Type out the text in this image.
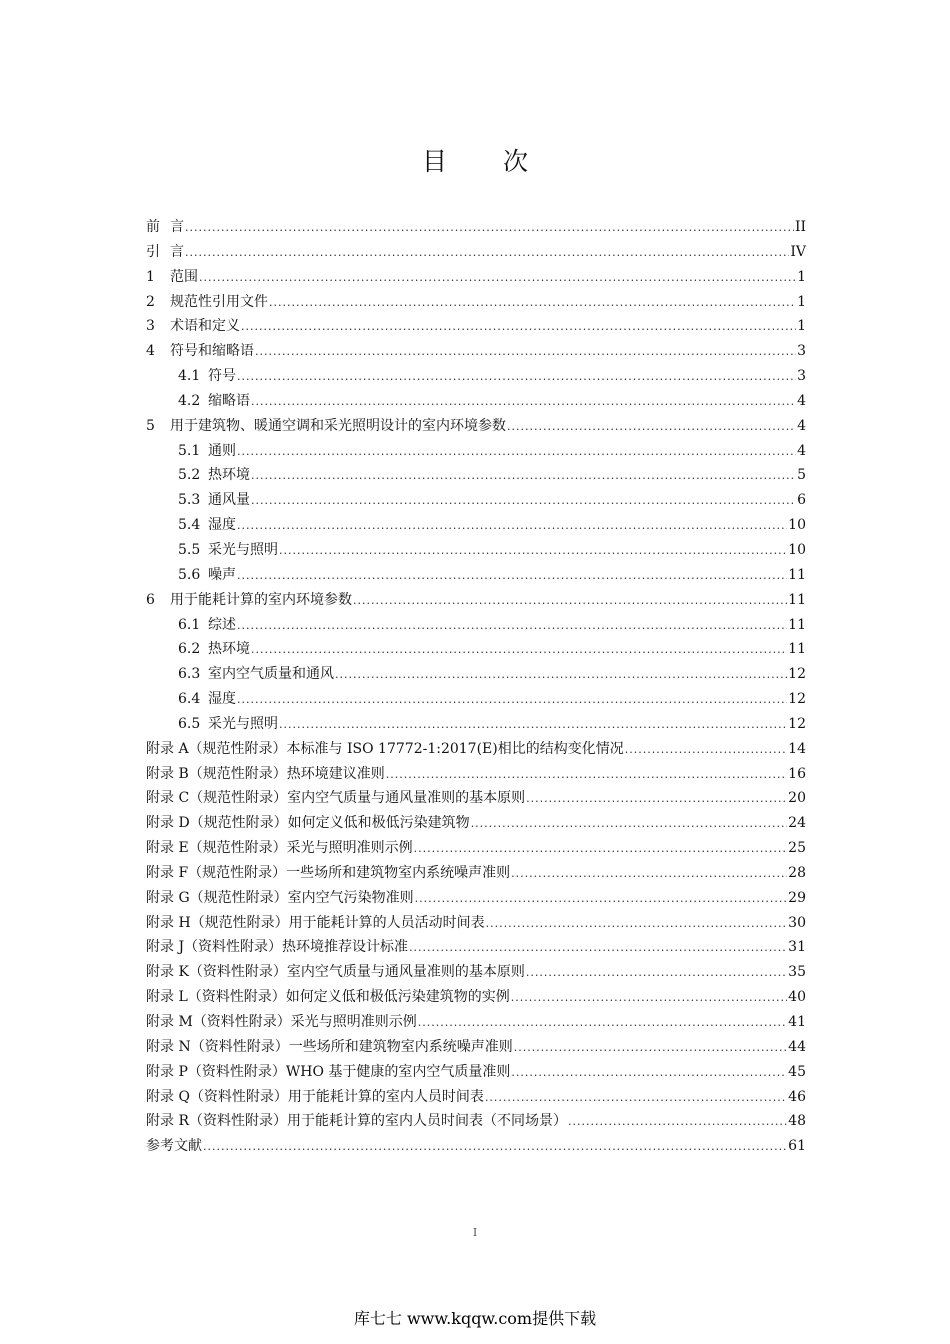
目 次
前 言 .....	II
引 言 .....	IV
1	范围 .....	1
2	规范性引用文件 .....	1
3	术语和定义 .....	1
4	符号和缩略语 .....	3
4.1 符号 .....	3
4.2 缩略语 .....	4
5	用于建筑物、暖通空调和采光照明设计的室内环境参数 .....	4
5.1 通则 .....	4
5.2 热环境 .....	5
5.3 通风量 .....	6
5.4 湿度 .....	10
5.5 采光与照明 .....	10
5.6 噪声 .....	11
6	用于能耗计算的室内环境参数 .....	11
6.1 综述 .....	11
6.2 热环境 .....	11
6.3 室内空气质量和通风 .....	12
6.4 湿度 .....	12
6.5 采光与照明 .....	12
附录 A（规范性附录）本标准与 ISO 17772-1:2017(E)相比的结构变化情况 .....	14
附录 B（规范性附录）热环境建议准则 .....	16
附录 C（规范性附录）室内空气质量与通风量准则的基本原则 .....	20
附录 D（规范性附录）如何定义低和极低污染建筑物 .....	24
附录 E（规范性附录）采光与照明准则示例 .....	25
附录 F（规范性附录）一些场所和建筑物室内系统噪声准则 .....	28
附录 G（规范性附录）室内空气污染物准则 .....	29
附录 H（规范性附录）用于能耗计算的人员活动时间表 .....	30
附录 J（资料性附录）热环境推荐设计标准 .....	31
附录 K（资料性附录）室内空气质量与通风量准则的基本原则 .....	35
附录 L（资料性附录）如何定义低和极低污染建筑物的实例 .....	40
附录 M（资料性附录）采光与照明准则示例 .....	41
附录 N（资料性附录）一些场所和建筑物室内系统噪声准则 .....	44
附录 P（资料性附录）WHO 基于健康的室内空气质量准则 .....	45
附录 Q（资料性附录）用于能耗计算的室内人员时间表 .....	46
附录 R（资料性附录）用于能耗计算的室内人员时间表（不同场景） .....	48
参考文献 .....	61
I
库七七 www.kqqw.com提供下载
